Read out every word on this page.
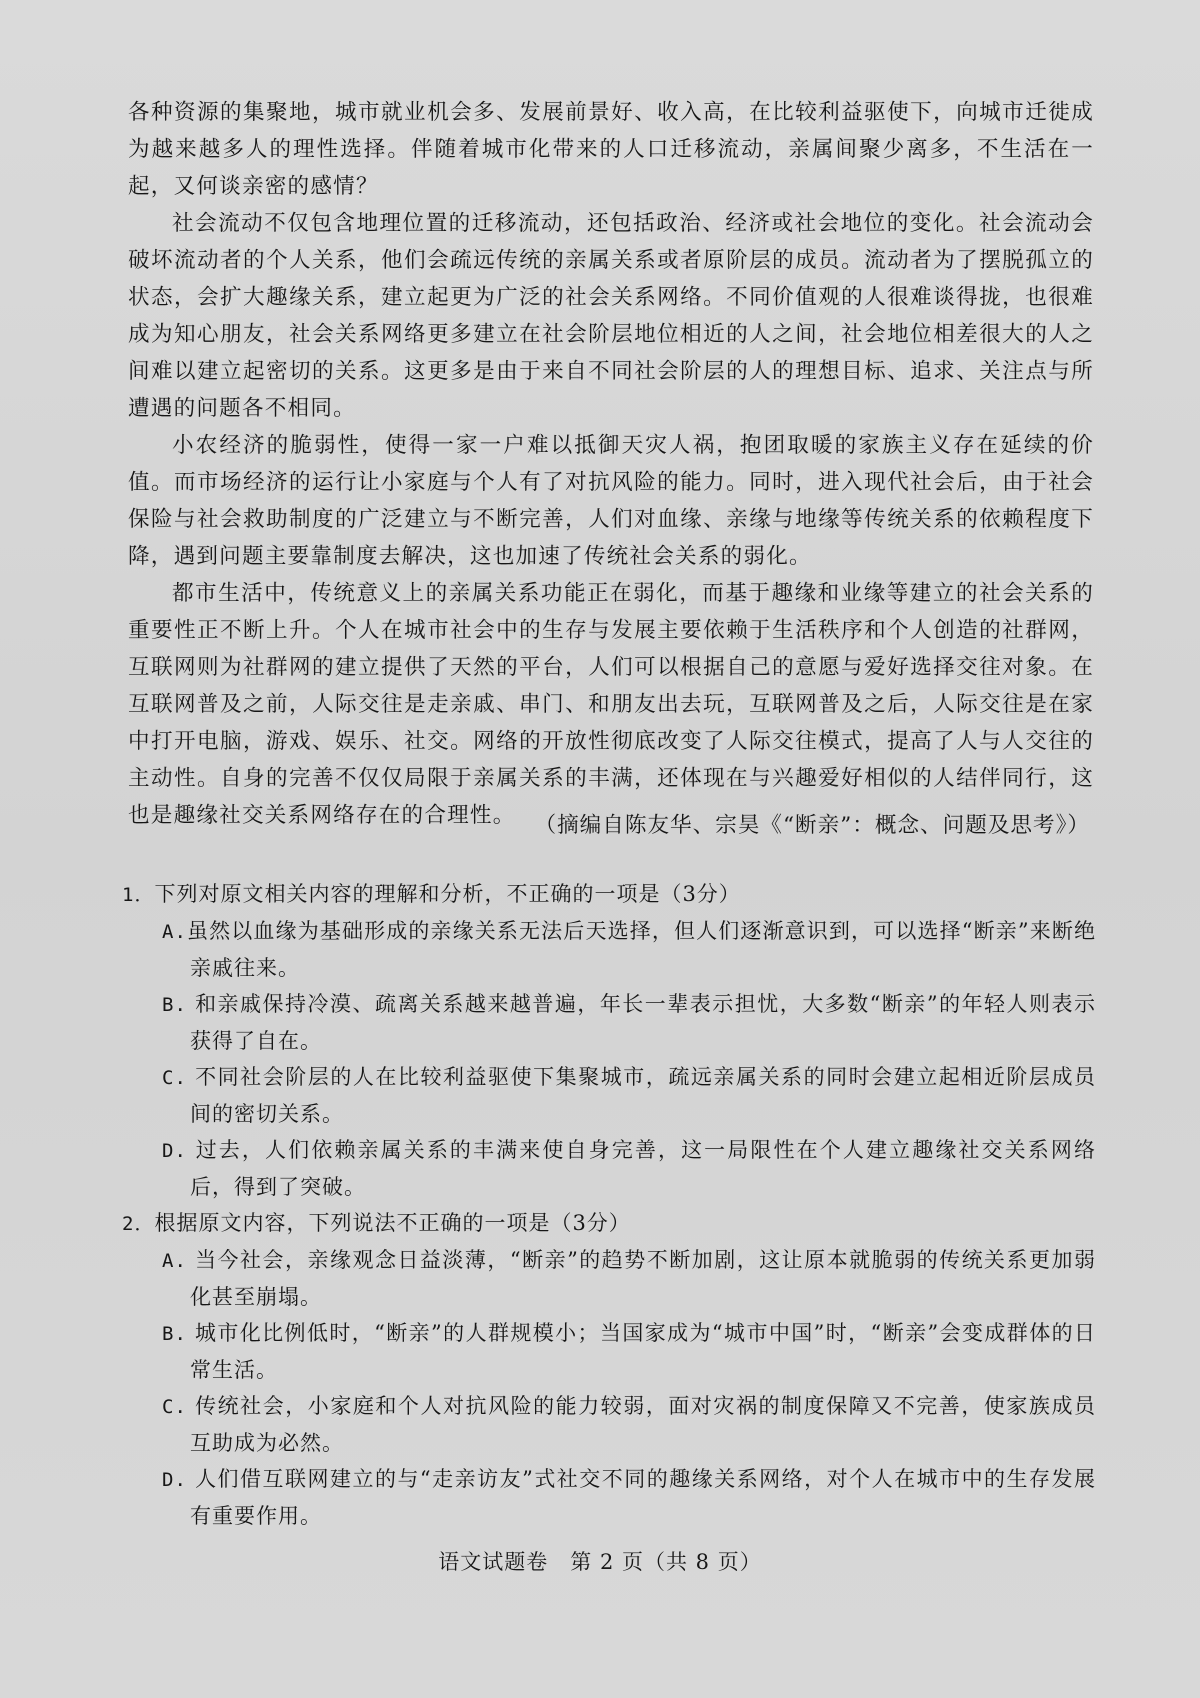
各种资源的集聚地，城市就业机会多、发展前景好、收入高，在比较利益驱使下，向城市迁徙成为越来越多人的理性选择。伴随着城市化带来的人口迁移流动，亲属间聚少离多，不生活在一起，又何谈亲密的感情？

社会流动不仅包含地理位置的迁移流动，还包括政治、经济或社会地位的变化。社会流动会破坏流动者的个人关系，他们会疏远传统的亲属关系或者原阶层的成员。流动者为了摆脱孤立的状态，会扩大趣缘关系，建立起更为广泛的社会关系网络。不同价值观的人很难谈得拢，也很难成为知心朋友，社会关系网络更多建立在社会阶层地位相近的人之间，社会地位相差很大的人之间难以建立起密切的关系。这更多是由于来自不同社会阶层的人的理想目标、追求、关注点与所遭遇的问题各不相同。

小农经济的脆弱性，使得一家一户难以抵御天灾人祸，抱团取暖的家族主义存在延续的价值。而市场经济的运行让小家庭与个人有了对抗风险的能力。同时，进入现代社会后，由于社会保险与社会救助制度的广泛建立与不断完善，人们对血缘、亲缘与地缘等传统关系的依赖程度下降，遇到问题主要靠制度去解决，这也加速了传统社会关系的弱化。

都市生活中，传统意义上的亲属关系功能正在弱化，而基于趣缘和业缘等建立的社会关系的重要性正不断上升。个人在城市社会中的生存与发展主要依赖于生活秩序和个人创造的社群网，互联网则为社群网的建立提供了天然的平台，人们可以根据自己的意愿与爱好选择交往对象。在互联网普及之前，人际交往是走亲戚、串门、和朋友出去玩，互联网普及之后，人际交往是在家中打开电脑，游戏、娱乐、社交。网络的开放性彻底改变了人际交往模式，提高了人与人交往的主动性。自身的完善不仅仅局限于亲属关系的丰满，还体现在与兴趣爱好相似的人结伴同行，这也是趣缘社交关系网络存在的合理性。 （摘编自陈友华、宗昊《“断亲”：概念、问题及思考》）

1．下列对原文相关内容的理解和分析，不正确的一项是（3分）

A.虽然以血缘为基础形成的亲缘关系无法后天选择，但人们逐渐意识到，可以选择“断亲”来断绝亲戚往来。

B. 和亲戚保持冷漠、疏离关系越来越普遍，年长一辈表示担忧，大多数“断亲”的年轻人则表示获得了自在。

C. 不同社会阶层的人在比较利益驱使下集聚城市，疏远亲属关系的同时会建立起相近阶层成员间的密切关系。

D. 过去，人们依赖亲属关系的丰满来使自身完善，这一局限性在个人建立趣缘社交关系网络后，得到了突破。

2．根据原文内容，下列说法不正确的一项是（3分）

A. 当今社会，亲缘观念日益淡薄，“断亲”的趋势不断加剧，这让原本就脆弱的传统关系更加弱化甚至崩塌。

B. 城市化比例低时，“断亲”的人群规模小；当国家成为“城市中国”时，“断亲”会变成群体的日常生活。

C. 传统社会，小家庭和个人对抗风险的能力较弱，面对灾祸的制度保障又不完善，使家族成员互助成为必然。

D. 人们借互联网建立的与“走亲访友”式社交不同的趣缘关系网络，对个人在城市中的生存发展有重要作用。

语文试题卷　第 2 页（共 8 页）
